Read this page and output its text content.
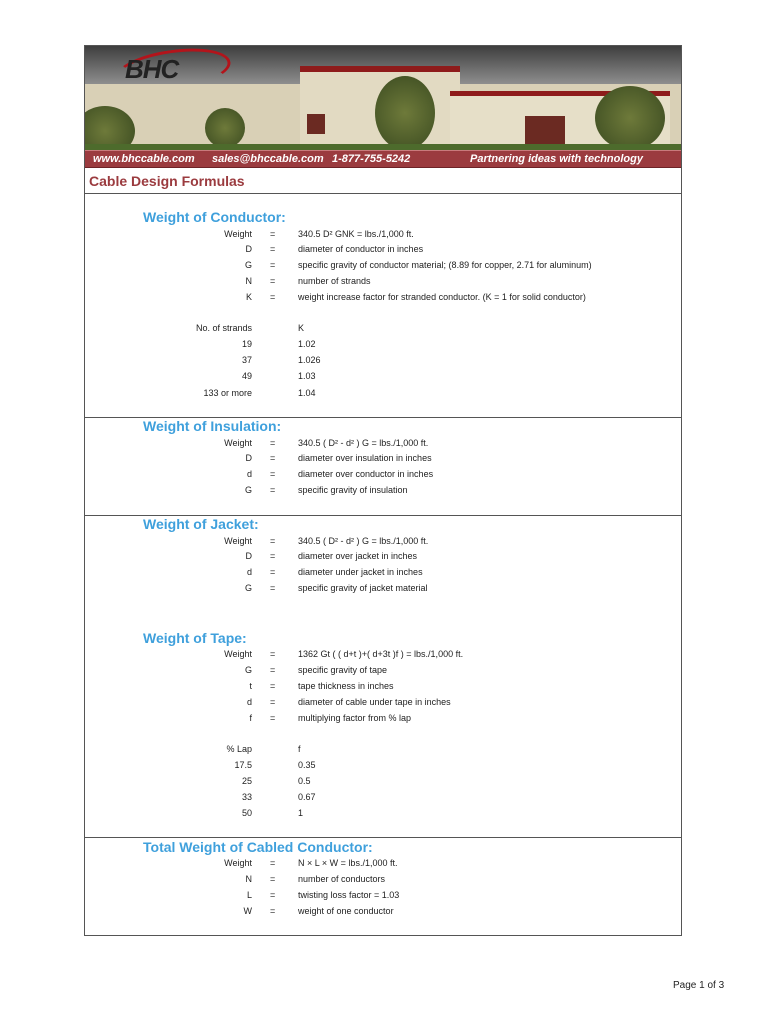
BHC
www.bhccable.com sales@bhccable.com 1-877-755-5242	Partnering ideas with technology
Cable Design Formulas
Weight of Conductor:
Weight =	340.5 D² GNK = lbs./1,000 ft.
D =	diameter of conductor in inches
G =	specific gravity of conductor material; (8.89 for copper, 2.71 for aluminum)
N =	number of strands
K =	weight increase factor for stranded conductor. (K = 1 for solid conductor)
No. of strands	K
19	1.02
37	1.026
49	1.03
133 or more	1.04
Weight of Insulation:
Weight =	340.5 ( D² - d² ) G = lbs./1,000 ft.
D =	diameter over insulation in inches
d =	diameter over conductor in inches
G =	specific gravity of insulation
Weight of Jacket:
Weight =	340.5 ( D² - d² ) G = lbs./1,000 ft.
D =	diameter over jacket in inches
d =	diameter under jacket in inches
G =	specific gravity of jacket material
Weight of Tape:
Weight =	1362 Gt ( ( d+t )+( d+3t )f ) = lbs./1,000 ft.
G =	specific gravity of tape
t =	tape thickness in inches
d =	diameter of cable under tape in inches
f =	multiplying factor from % lap
% Lap	f
17.5	0.35
25	0.5
33	0.67
50	1
Total Weight of Cabled Conductor:
Weight =	N × L × W = lbs./1,000 ft.
N =	number of conductors
L =	twisting loss factor = 1.03
W =	weight of one conductor
Page 1 of 3
